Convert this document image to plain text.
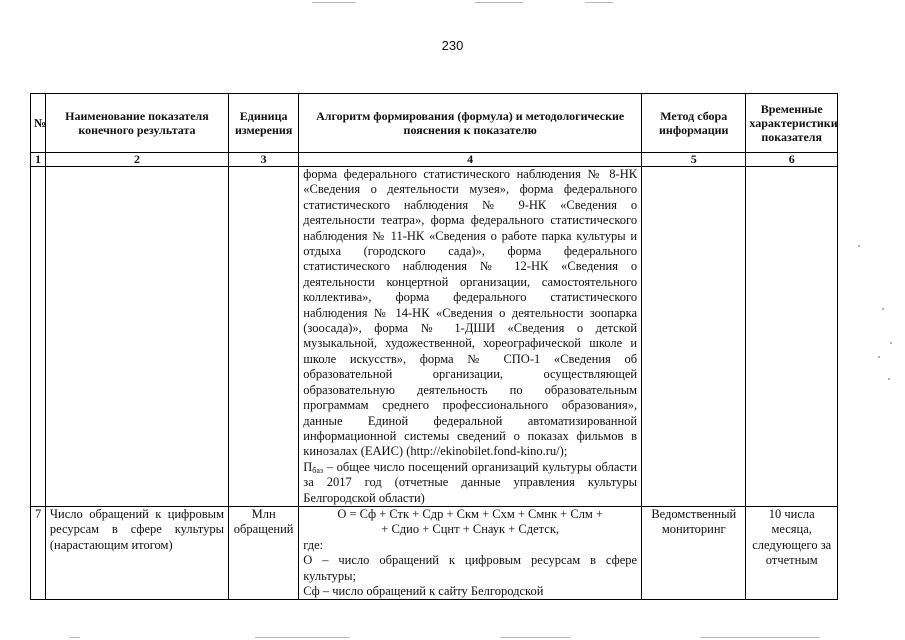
230
№	Наименование показателя конечного результата	Единица измерения	Алгоритм формирования (формула) и методологические пояснения к показателю	Метод сбора информации	Временные характеристики показателя
1	2	3	4	5	6

			форма федерального статистического наблюдения № 8-НК «Сведения о деятельности музея», форма федерального статистического наблюдения № 9-НК «Сведения о деятельности театра», форма федерального статистического наблюдения № 11-НК «Сведения о работе парка культуры и отдыха (городского сада)», форма федерального статистического наблюдения № 12-НК «Сведения о деятельности концертной организации, самостоятельного коллектива», форма федерального статистического наблюдения № 14-НК «Сведения о деятельности зоопарка (зоосада)», форма № 1-ДШИ «Сведения о детской музыкальной, художественной, хореографической школе и школе искусств», форма № СПО-1 «Сведения об образовательной организации, осуществляющей образовательную деятельность по образовательным программам среднего профессионального образования», данные Единой федеральной автоматизированной информационной системы сведений о показах фильмов в кинозалах (ЕАИС) (http://ekinobilet.fond-kino.ru/);

$П_{баз}$ – общее число посещений организаций культуры области за 2017 год (отчетные данные управления культуры Белгородской области)		

7	Число обращений к цифровым ресурсам в сфере культуры (нарастающим итогом)	Млн обращений	О = Сф + Стк + Сдр + Скм + Схм + Смнк + Слм +

+ Сдио + Сцнт + Снаук + Сдетск,

где:

О – число обращений к цифровым ресурсам в сфере культуры;

Сф – число обращений к сайту Белгородской	Ведомственный мониторинг	10 числа месяца, следующего за отчетным
